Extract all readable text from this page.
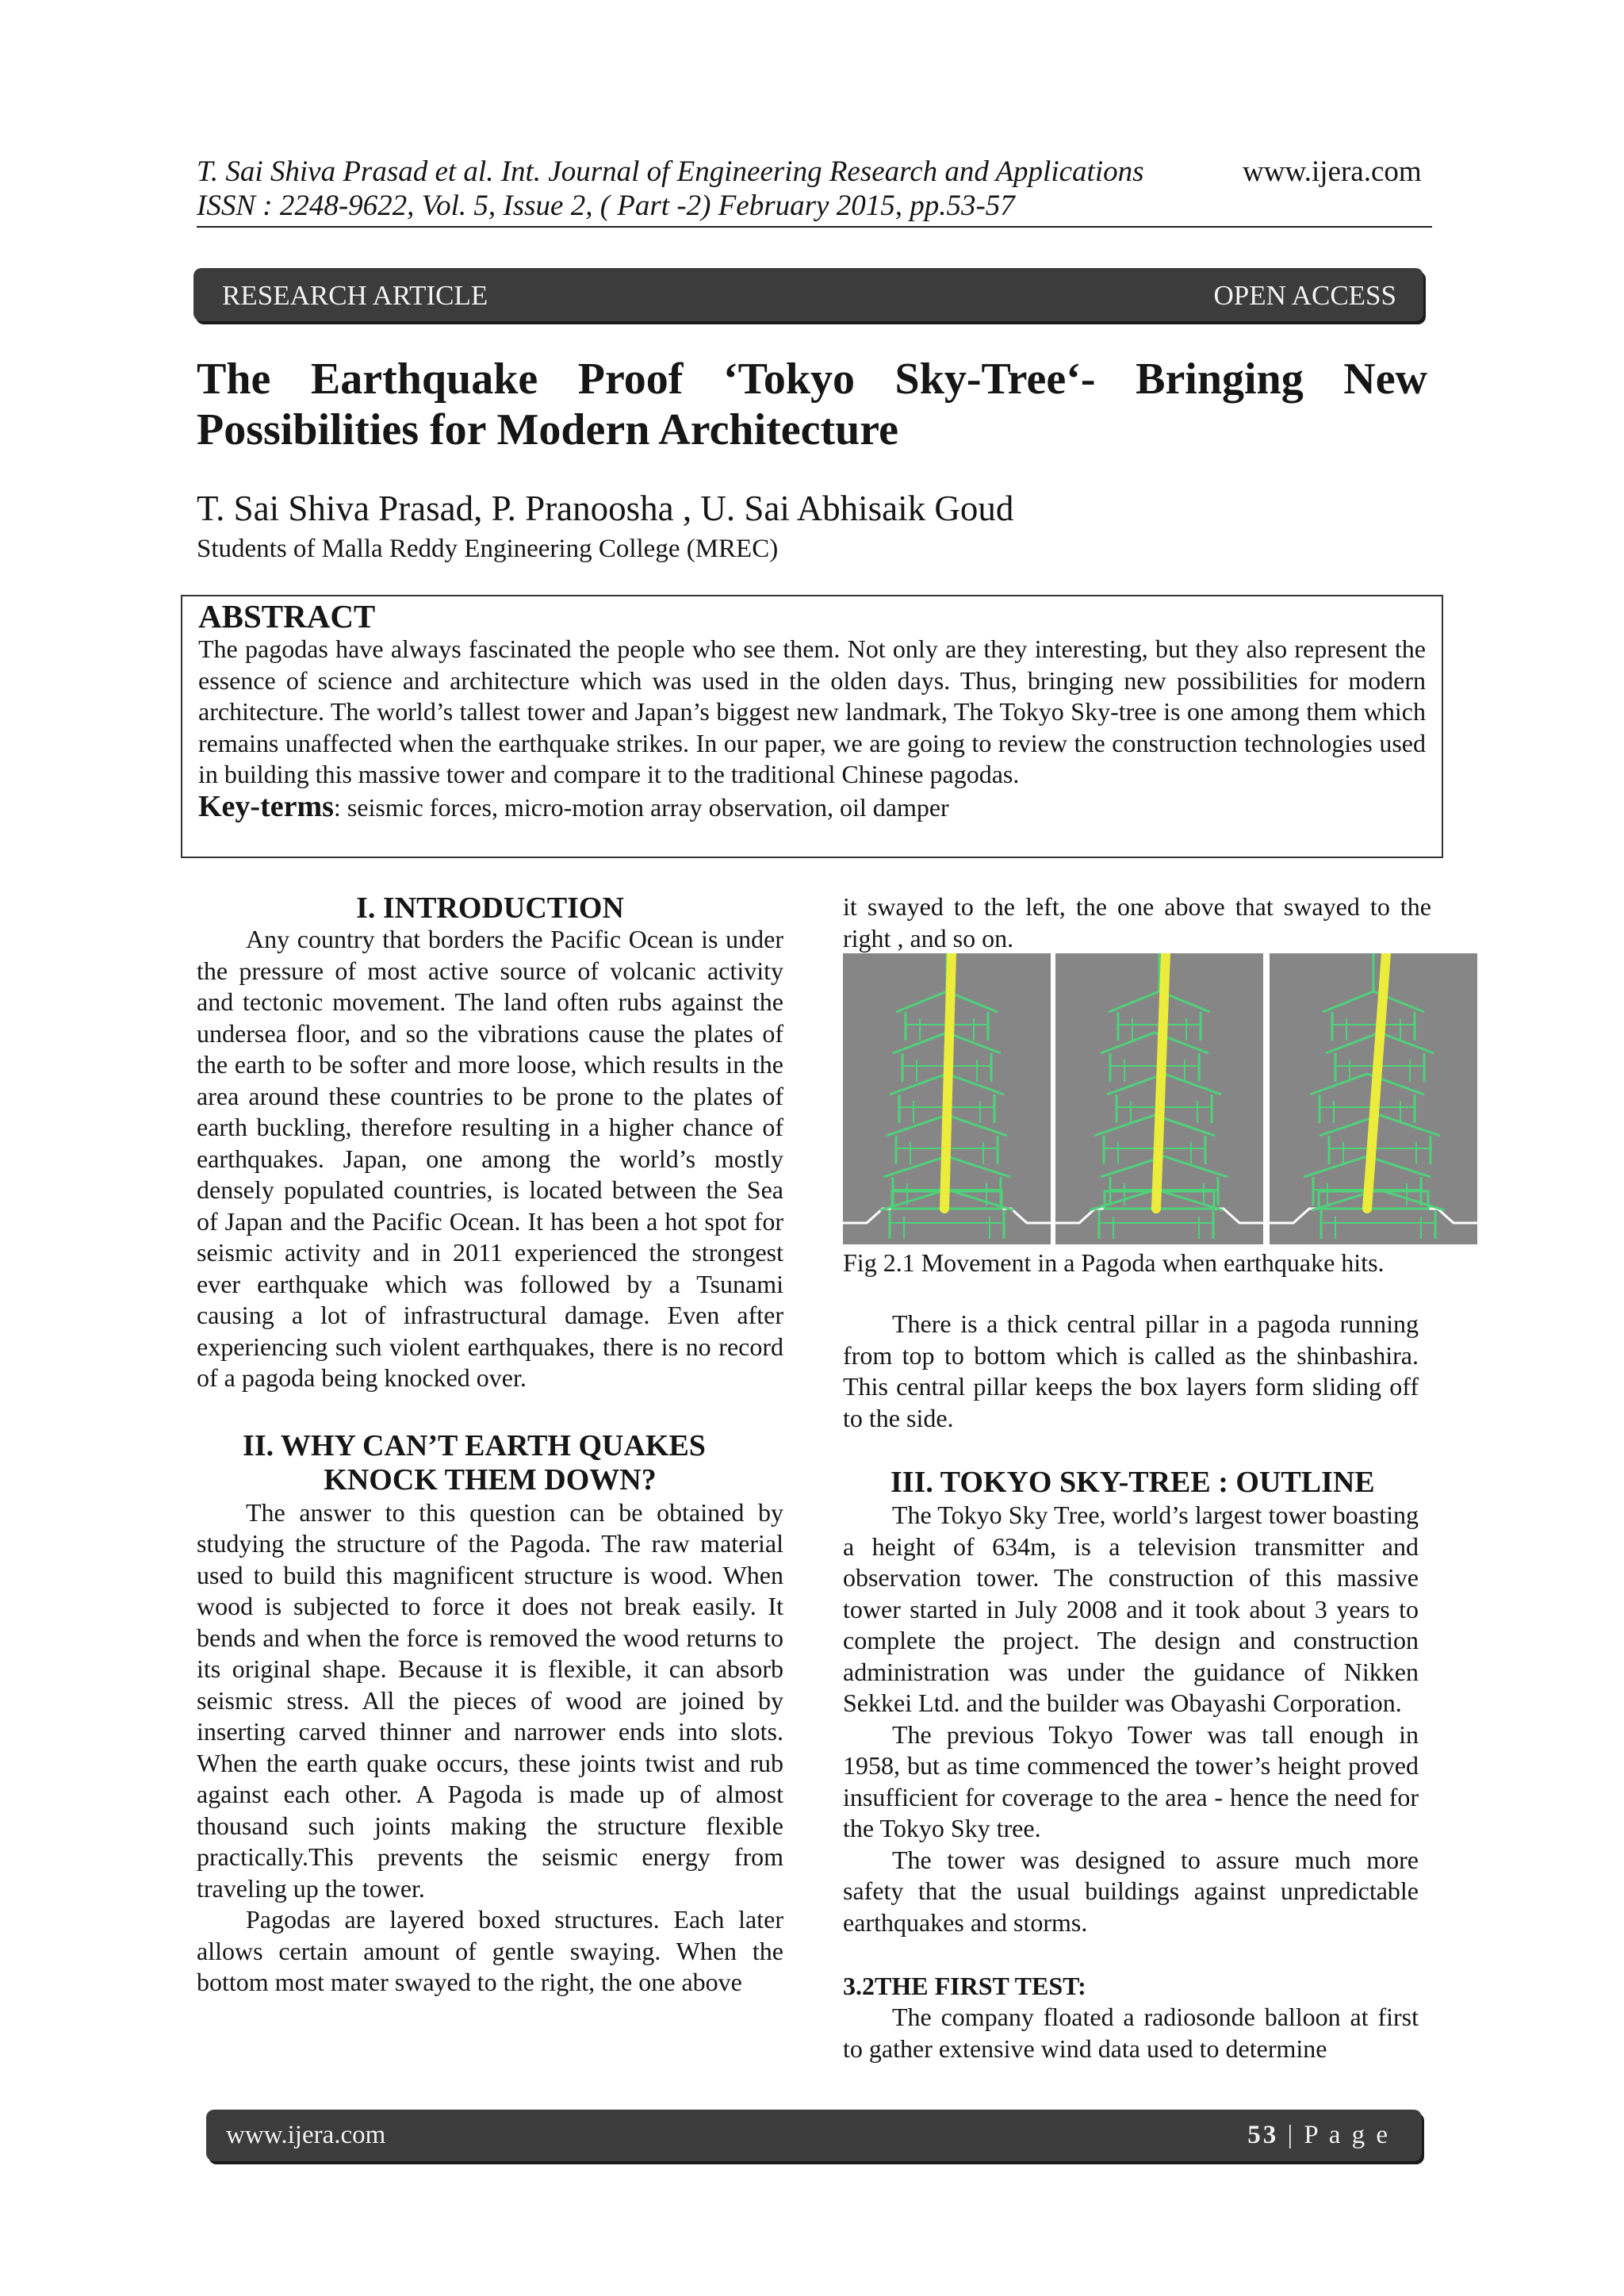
T. Sai Shiva Prasad et al. Int. Journal of Engineering Research and Applications
ISSN : 2248-9622, Vol. 5, Issue 2, ( Part -2) February 2015, pp.53-57
www.ijera.com
RESEARCH ARTICLE	OPEN ACCESS
The Earthquake Proof ‘Tokyo Sky-Tree‘- Bringing New Possibilities for Modern Architecture
T. Sai Shiva Prasad, P. Pranoosha , U. Sai Abhisaik Goud
Students of Malla Reddy Engineering College (MREC)
ABSTRACT

The pagodas have always fascinated the people who see them. Not only are they interesting, but they also represent the essence of science and architecture which was used in the olden days. Thus, bringing new possibilities for modern architecture. The world’s tallest tower and Japan’s biggest new landmark, The Tokyo Sky-tree is one among them which remains unaffected when the earthquake strikes. In our paper, we are going to review the construction technologies used in building this massive tower and compare it to the traditional Chinese pagodas.

Key-terms: seismic forces, micro-motion array observation, oil damper

I. INTRODUCTION

Any country that borders the Pacific Ocean is under the pressure of most active source of volcanic activity and tectonic movement. The land often rubs against the undersea floor, and so the vibrations cause the plates of the earth to be softer and more loose, which results in the area around these countries to be prone to the plates of earth buckling, therefore resulting in a higher chance of earthquakes. Japan, one among the world’s mostly densely populated countries, is located between the Sea of Japan and the Pacific Ocean. It has been a hot spot for seismic activity and in 2011 experienced the strongest ever earthquake which was followed by a Tsunami causing a lot of infrastructural damage. Even after experiencing such violent earthquakes, there is no record of a pagoda being knocked over.

II. WHY CAN’T EARTH QUAKES

KNOCK THEM DOWN?

The answer to this question can be obtained by studying the structure of the Pagoda. The raw material used to build this magnificent structure is wood. When wood is subjected to force it does not break easily. It bends and when the force is removed the wood returns to its original shape. Because it is flexible, it can absorb seismic stress. All the pieces of wood are joined by inserting carved thinner and narrower ends into slots. When the earth quake occurs, these joints twist and rub against each other. A Pagoda is made up of almost thousand such joints making the structure flexible practically.This prevents the seismic energy from traveling up the tower.

Pagodas are layered boxed structures. Each later allows certain amount of gentle swaying. When the bottom most mater swayed to the right, the one above

it swayed to the left, the one above that swayed to the right , and so on.

Fig 2.1 Movement in a Pagoda when earthquake hits.

There is a thick central pillar in a pagoda running from top to bottom which is called as the shinbashira. This central pillar keeps the box layers form sliding off to the side.

III. TOKYO SKY-TREE : OUTLINE

The Tokyo Sky Tree, world’s largest tower boasting a height of 634m, is a television transmitter and observation tower. The construction of this massive tower started in July 2008 and it took about 3 years to complete the project. The design and construction administration was under the guidance of Nikken Sekkei Ltd. and the builder was Obayashi Corporation.

The previous Tokyo Tower was tall enough in 1958, but as time commenced the tower’s height proved insufficient for coverage to the area - hence the need for the Tokyo Sky tree.

The tower was designed to assure much more safety that the usual buildings against unpredictable earthquakes and storms.

3.2THE FIRST TEST:

The company floated a radiosonde balloon at first to gather extensive wind data used to determine

www.ijera.com	53 | P a g e
